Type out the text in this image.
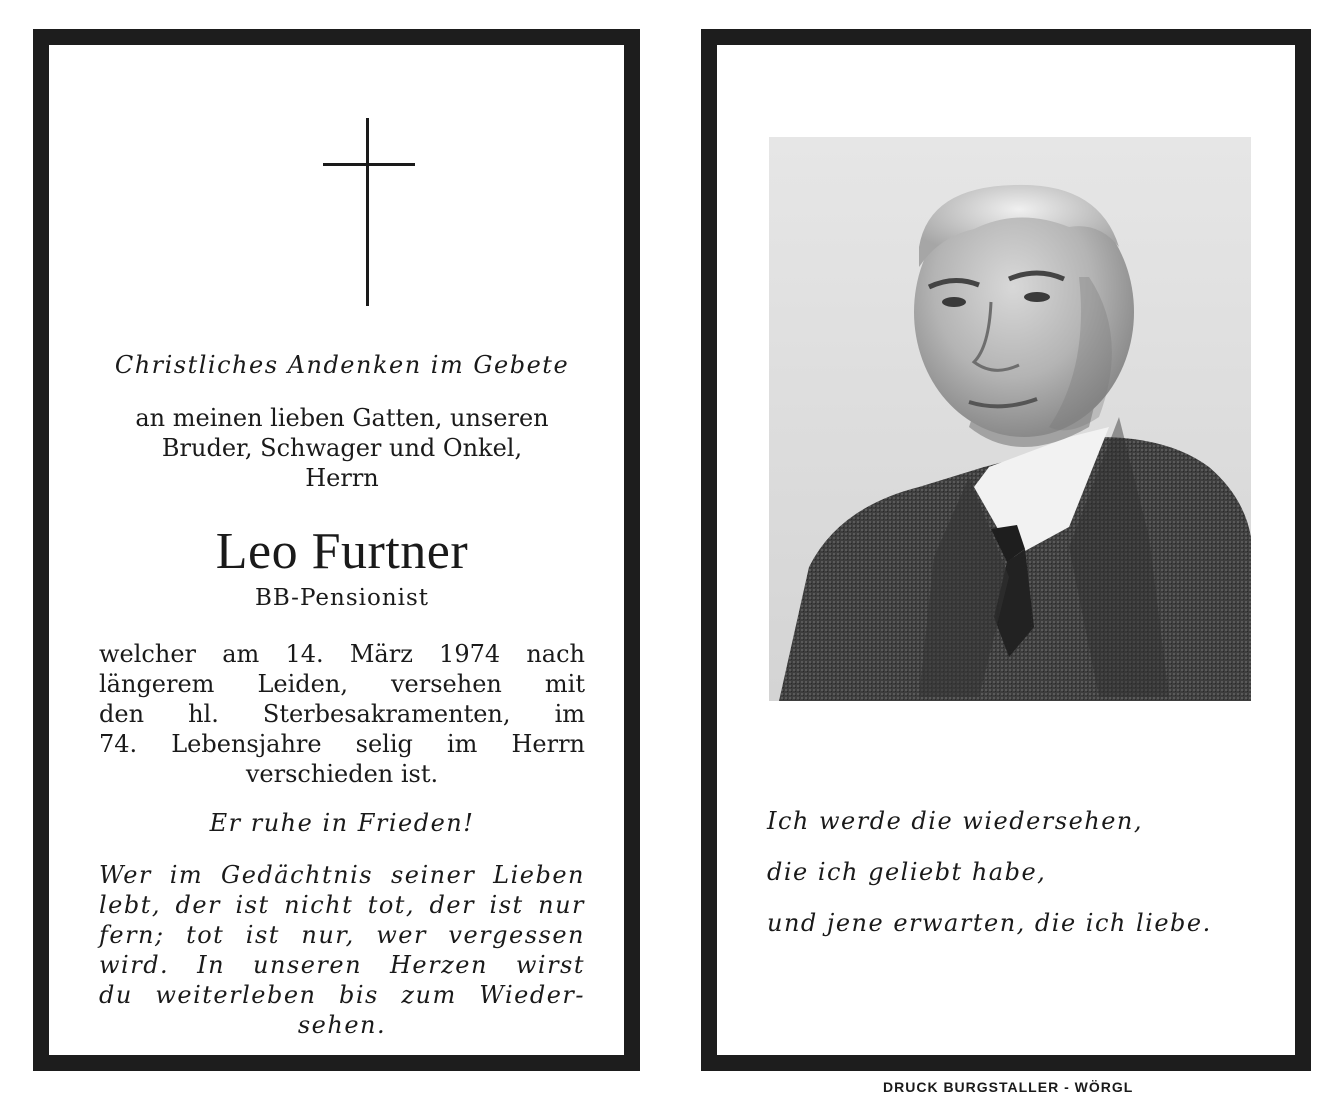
Christliches Andenken im Gebete
an meinen lieben Gatten, unseren
Bruder, Schwager und Onkel,
Herrn
Leo Furtner
BB-Pensionist
welcher am 14. März 1974 nach
längerem Leiden, versehen mit
den hl. Sterbesakramenten, im
74. Lebensjahre selig im Herrn
verschieden ist.
Er ruhe in Frieden!
Wer im Gedächtnis seiner Lieben
lebt, der ist nicht tot, der ist nur
fern; tot ist nur, wer vergessen
wird. In unseren Herzen wirst
du weiterleben bis zum Wieder-
sehen.
Ich werde die wiedersehen,
die ich geliebt habe,
und jene erwarten, die ich liebe.
DRUCK BURGSTALLER - WÖRGL
